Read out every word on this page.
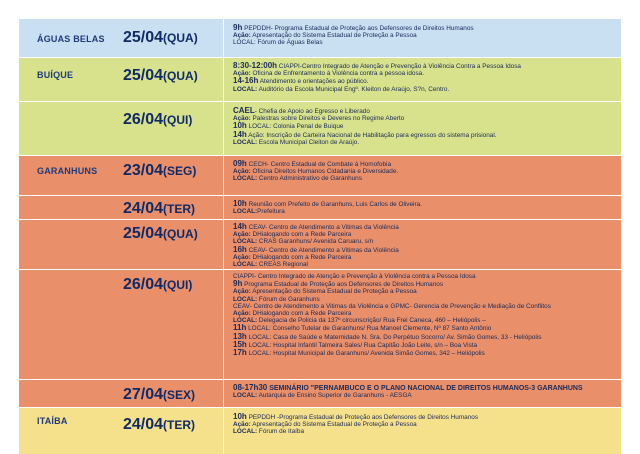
ÁGUAS BELAS 25/04(QUA)
9h PEPDDH- Programa Estadual de Proteção aos Defensores de Direitos Humanos
Ação: Apresentação do Sistema Estadual de Proteção a Pessoa
LOCAL: Fórum de Águas Belas
BUÍQUE	25/04(QUA)
8:30-12:00h CIAPPI-Centro Integrado de Atenção e Prevenção à Violência Contra a Pessoa Idosa
Ação: Oficina de Enfrentamento à Violência contra a pessoa idosa.
14-16h Atendimento e orientações ao público.
LOCAL: Auditório da Escola Municipal Engº. Kleiton de Araújo, S?n, Centro.
26/04(QUI)
CAEL- Chefia de Apoio ao Egresso e Liberado
Ação: Palestras sobre Direitos e Deveres no Regime Aberto
10h LOCAL: Colonia Penal de Buique
14h Ação: Inscrição de Carteira Nacional de Habilitação para egressos do sistema prisional.
LOCAL: Escola Municipal Cleiton de Araújo.
GARANHUNS 23/04(SEG)
09h CECH- Centro Estadual de Combate à Homofobia
Ação: Oficina Direitos Humanos Cidadania e Diversidade.
LOCAL: Centro Administrativo de Garanhuns
24/04(TER)	10h Reunião com Prefeito de Garanhuns, Luis Carlos de Oliveira.
LOCAL:Prefeitura
25/04(QUA)
14h CEAV- Centro de Atendimento a Vitimas da Violência
Ação: DHialogando com a Rede Parceira
LOCAL: CRAS Garanhuns/ Avenida Caruaru, s/n
16h CEAV- Centro de Atendimento a Vitimas da Violência
Ação: DHialogando com a Rede Parceira
LOCAL: CREAS Regional
26/04(QUI)
CIAPPI- Centro Integrado de Atenção e Prevenção à Violência contra a Pessoa Idosa
9h Programa Estadual de Proteção aos Defensores de Direitos Humanos
Ação: Apresentação do Sistema Estadual de Proteção a Pessoa
LOCAL: Fórum de Garanhuns
CEAV- Centro de Atendimento a Vitimas da Violência e GPMC- Gerencia de Prevenção e Mediação de Conflitos
Ação: DHialogando com a Rede Parceira
LOCAL: Delegacia de Policia da 137º circunscrição/ Rua Frei Caneca, 460 – Heliópolis –
11h LOCAL: Conselho Tutelar de Garanhuns/ Rua Manoel Clemente, Nº 87 Santo Antônio
13h LOCAL: Casa de Saúde e Maternidade N. Sra. Do Perpétuo Socorro/ Av. Simão Gomes, 33 - Heliópolis
15h LOCAL: Hospital Infantil Talmeira Sales/ Rua Capitão João Leite, s/n – Boa Vista
17h LOCAL: Hospital Municipal de Garanhuns/ Avenida Simão Gomes, 342 – Heliópolis
27/04(SEX)
08-17h30 SEMINÁRIO "PERNAMBUCO E O PLANO NACIONAL DE DIREITOS HUMANOS-3 GARANHUNS
LOCAL: Autarquia de Ensino Superior de Garanhuns - AESGA
ITAÍBA	24/04(TER)
10h PEPDDH -Programa Estadual de Proteção aos Defensores de Direitos Humanos
Ação: Apresentação do Sistema Estadual de Proteção a Pessoa
LOCAL: Fórum de Itaíba
